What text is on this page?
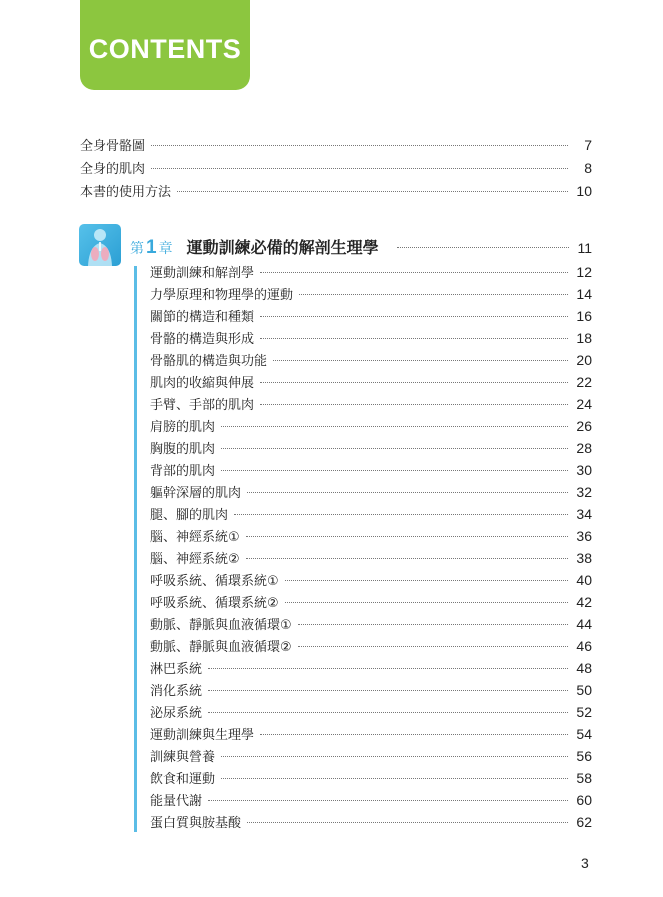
CONTENTS
全身骨骼圖	7
全身的肌肉	8
本書的使用方法	10
第 1 章 運動訓練必備的解剖生理學	11
運動訓練和解剖學	12
力學原理和物理學的運動	14
關節的構造和種類	16
骨骼的構造與形成	18
骨骼肌的構造與功能	20
肌肉的收縮與伸展	22
手臂、手部的肌肉	24
肩膀的肌肉	26
胸腹的肌肉	28
背部的肌肉	30
軀幹深層的肌肉	32
腿、腳的肌肉	34
腦、神經系統①	36
腦、神經系統②	38
呼吸系統、循環系統①	40
呼吸系統、循環系統②	42
動脈、靜脈與血液循環①	44
動脈、靜脈與血液循環②	46
淋巴系統	48
消化系統	50
泌尿系統	52
運動訓練與生理學	54
訓練與營養	56
飲食和運動	58
能量代謝	60
蛋白質與胺基酸	62
3
